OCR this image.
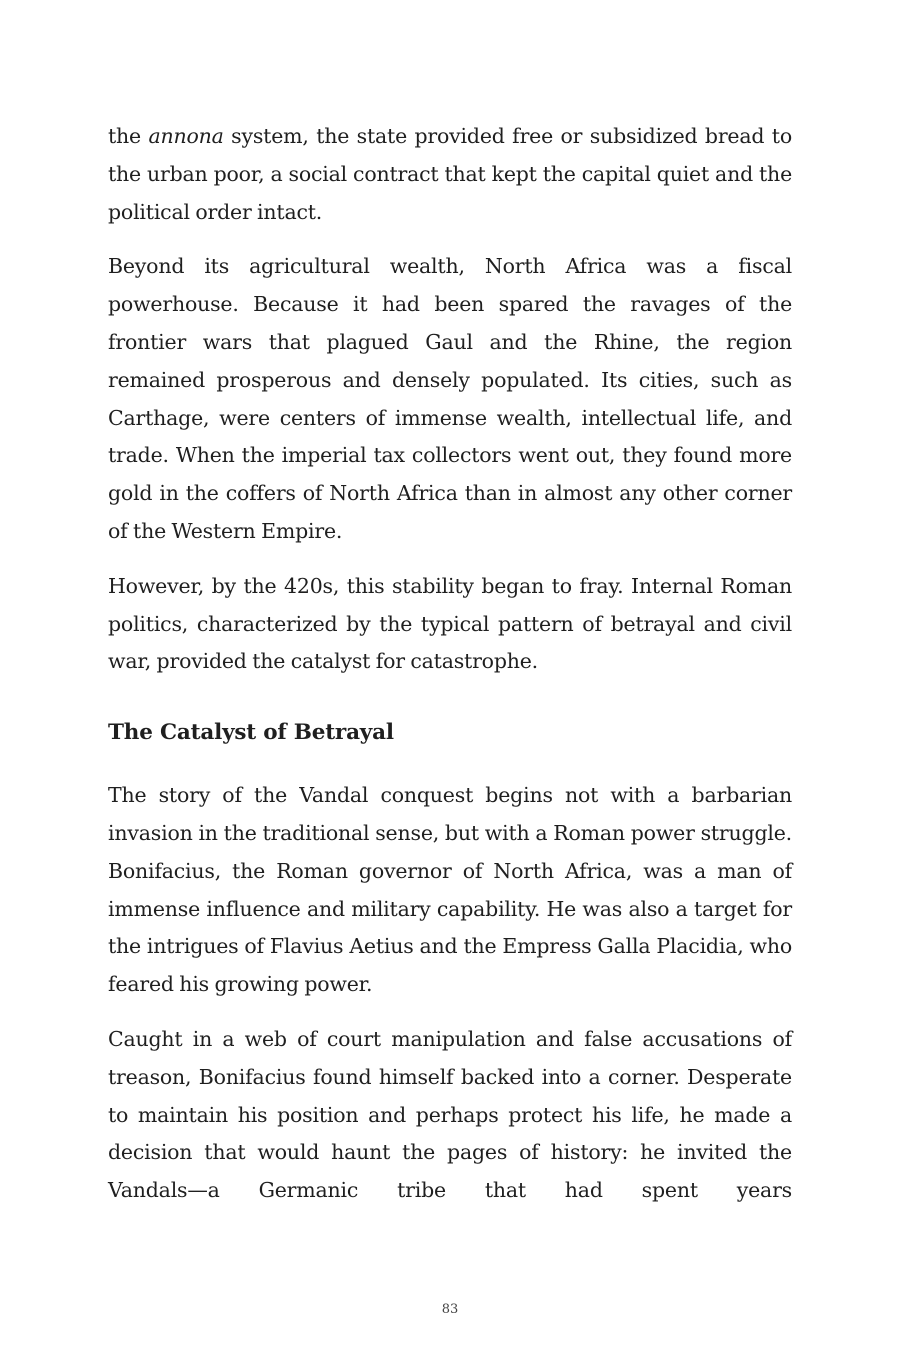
the annona system, the state provided free or subsidized bread to the urban poor, a social contract that kept the capital quiet and the political order intact.

Beyond its agricultural wealth, North Africa was a fiscal powerhouse. Because it had been spared the ravages of the frontier wars that plagued Gaul and the Rhine, the region remained prosperous and densely populated. Its cities, such as Carthage, were centers of immense wealth, intellectual life, and trade. When the imperial tax collectors went out, they found more gold in the coffers of North Africa than in almost any other corner of the Western Empire.

However, by the 420s, this stability began to fray. Internal Roman politics, characterized by the typical pattern of betrayal and civil war, provided the catalyst for catastrophe.

The Catalyst of Betrayal

The story of the Vandal conquest begins not with a barbarian invasion in the traditional sense, but with a Roman power struggle. Bonifacius, the Roman governor of North Africa, was a man of immense influence and military capability. He was also a target for the intrigues of Flavius Aetius and the Empress Galla Placidia, who feared his growing power.

Caught in a web of court manipulation and false accusations of treason, Bonifacius found himself backed into a corner. Desperate to maintain his position and perhaps protect his life, he made a decision that would haunt the pages of history: he invited the Vandals—a Germanic tribe that had spent years

83
